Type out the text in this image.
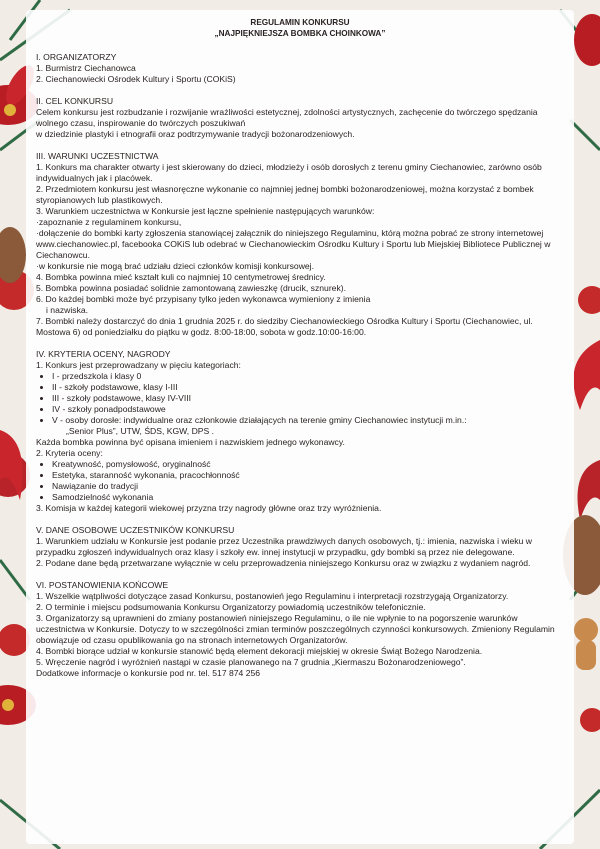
REGULAMIN KONKURSU
„NAJPIĘKNIEJSZA BOMBKA CHOINKOWA”

I. ORGANIZATORZY

1. Burmistrz Ciechanowca

2. Ciechanowiecki Ośrodek Kultury i Sportu (COKiS)

II. CEL KONKURSU

Celem konkursu jest rozbudzanie i rozwijanie wrażliwości estetycznej, zdolności artystycznych, zachęcenie do twórczego spędzania wolnego czasu, inspirowanie do twórczych poszukiwań

w dziedzinie plastyki i etnografii oraz podtrzymywanie tradycji bożonarodzeniowych.

III. WARUNKI UCZESTNICTWA

1. Konkurs ma charakter otwarty i jest skierowany do dzieci, młodzieży i osób dorosłych z terenu gminy Ciechanowiec, zarówno osób indywidualnych jak i placówek.

2. Przedmiotem konkursu jest własnoręczne wykonanie co najmniej jednej bombki bożonarodzeniowej, można korzystać z bombek styropianowych lub plastikowych.

3. Warunkiem uczestnictwa w Konkursie jest łączne spełnienie następujących warunków:

·zapoznanie z regulaminem konkursu,

·dołączenie do bombki karty zgłoszenia stanowiącej załącznik do niniejszego Regulaminu, którą można pobrać ze strony internetowej www.ciechanowiec.pl, facebooka COKiS lub odebrać w Ciechanowieckim Ośrodku Kultury i Sportu lub Miejskiej Bibliotece Publicznej w Ciechanowcu.

·w konkursie nie mogą brać udziału dzieci członków komisji konkursowej.

4. Bombka powinna mieć kształt kuli co najmniej 10 centymetrowej średnicy.

5. Bombka powinna posiadać solidnie zamontowaną zawieszkę (drucik, sznurek).

6. Do każdej bombki może być przypisany tylko jeden wykonawca wymieniony z imienia

i nazwiska.

7. Bombki należy dostarczyć do dnia 1 grudnia 2025 r. do siedziby Ciechanowieckiego Ośrodka Kultury i Sportu (Ciechanowiec, ul. Mostowa 6) od poniedziałku do piątku w godz. 8:00-18:00, sobota w godz.10:00-16:00.

IV. KRYTERIA OCENY, NAGRODY

1. Konkurs jest przeprowadzany w pięciu kategoriach:

• I - przedszkola i klasy 0
• II - szkoły podstawowe, klasy I-III
• III - szkoły podstawowe, klasy IV-VIII
• IV - szkoły ponadpodstawowe
• V - osoby dorosłe: indywidualne oraz członkowie działających na terenie gminy Ciechanowiec instytucji m.in.:

„Senior Plus”, UTW, ŚDS, KGW, DPS .

Każda bombka powinna być opisana imieniem i nazwiskiem jednego wykonawcy.

2. Kryteria oceny:

• Kreatywność, pomysłowość, oryginalność
• Estetyka, staranność wykonania, pracochłonność
• Nawiązanie do tradycji
• Samodzielność wykonania

3. Komisja w każdej kategorii wiekowej przyzna trzy nagrody główne oraz trzy wyróżnienia.

V. DANE OSOBOWE UCZESTNIKÓW KONKURSU

1. Warunkiem udziału w Konkursie jest podanie przez Uczestnika prawdziwych danych osobowych, tj.: imienia, nazwiska i wieku w przypadku zgłoszeń indywidualnych oraz klasy i szkoły ew. innej instytucji w przypadku, gdy bombki są przez nie delegowane.

2. Podane dane będą przetwarzane wyłącznie w celu przeprowadzenia niniejszego Konkursu oraz w związku z wydaniem nagród.

VI. POSTANOWIENIA KOŃCOWE

1. Wszelkie wątpliwości dotyczące zasad Konkursu, postanowień jego Regulaminu i interpretacji rozstrzygają Organizatorzy.

2. O terminie i miejscu podsumowania Konkursu Organizatorzy powiadomią uczestników telefonicznie.

3. Organizatorzy są uprawnieni do zmiany postanowień niniejszego Regulaminu, o ile nie wpłynie to na pogorszenie warunków uczestnictwa w Konkursie. Dotyczy to w szczególności zmian terminów poszczególnych czynności konkursowych. Zmieniony Regulamin obowiązuje od czasu opublikowania go na stronach internetowych Organizatorów.

4. Bombki biorące udział w konkursie stanowić będą element dekoracji miejskiej w okresie Świąt Bożego Narodzenia.

5. Wręczenie nagród i wyróżnień nastąpi w czasie planowanego na 7 grudnia „Kiermaszu Bożonarodzeniowego”.

Dodatkowe informacje o konkursie pod nr. tel. 517 874 256
